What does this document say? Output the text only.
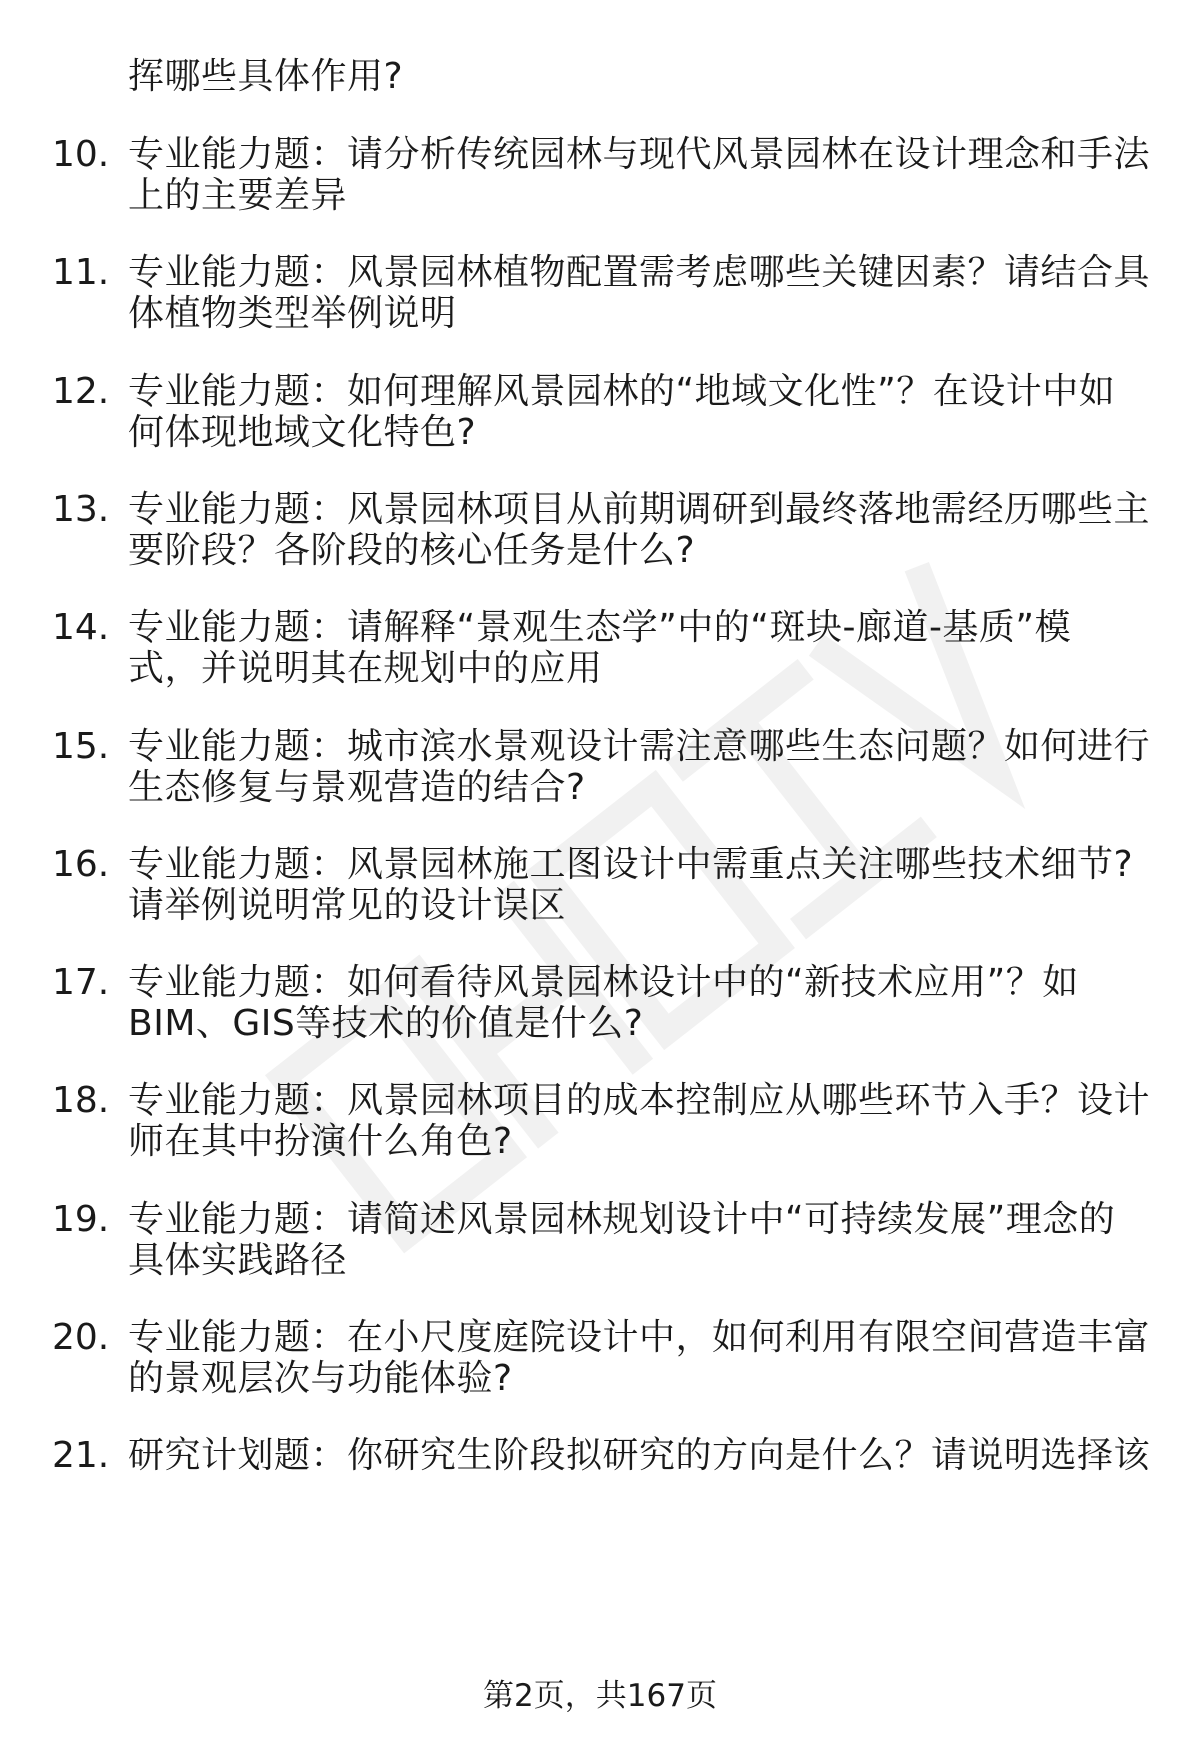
挥哪些具体作用?
10. 专业能力题：请分析传统园林与现代风景园林在设计理念和手法
上的主要差异
11. 专业能力题：风景园林植物配置需考虑哪些关键因素？请结合具
体植物类型举例说明
12. 专业能力题：如何理解风景园林的“地域文化性”？在设计中如
何体现地域文化特色?
13. 专业能力题：风景园林项目从前期调研到最终落地需经历哪些主
要阶段？各阶段的核心任务是什么?
14. 专业能力题：请解释“景观生态学”中的“斑块-廊道-基质”模
式，并说明其在规划中的应用
15. 专业能力题：城市滨水景观设计需注意哪些生态问题？如何进行
生态修复与景观营造的结合?
16. 专业能力题：风景园林施工图设计中需重点关注哪些技术细节?
请举例说明常见的设计误区
17. 专业能力题：如何看待风景园林设计中的“新技术应用”？如
BIM、GIS等技术的价值是什么?
18. 专业能力题：风景园林项目的成本控制应从哪些环节入手？设计
师在其中扮演什么角色?
19. 专业能力题：请简述风景园林规划设计中“可持续发展”理念的
具体实践路径
20. 专业能力题：在小尺度庭院设计中，如何利用有限空间营造丰富
的景观层次与功能体验?
21. 研究计划题：你研究生阶段拟研究的方向是什么？请说明选择该
第2页，共167页
